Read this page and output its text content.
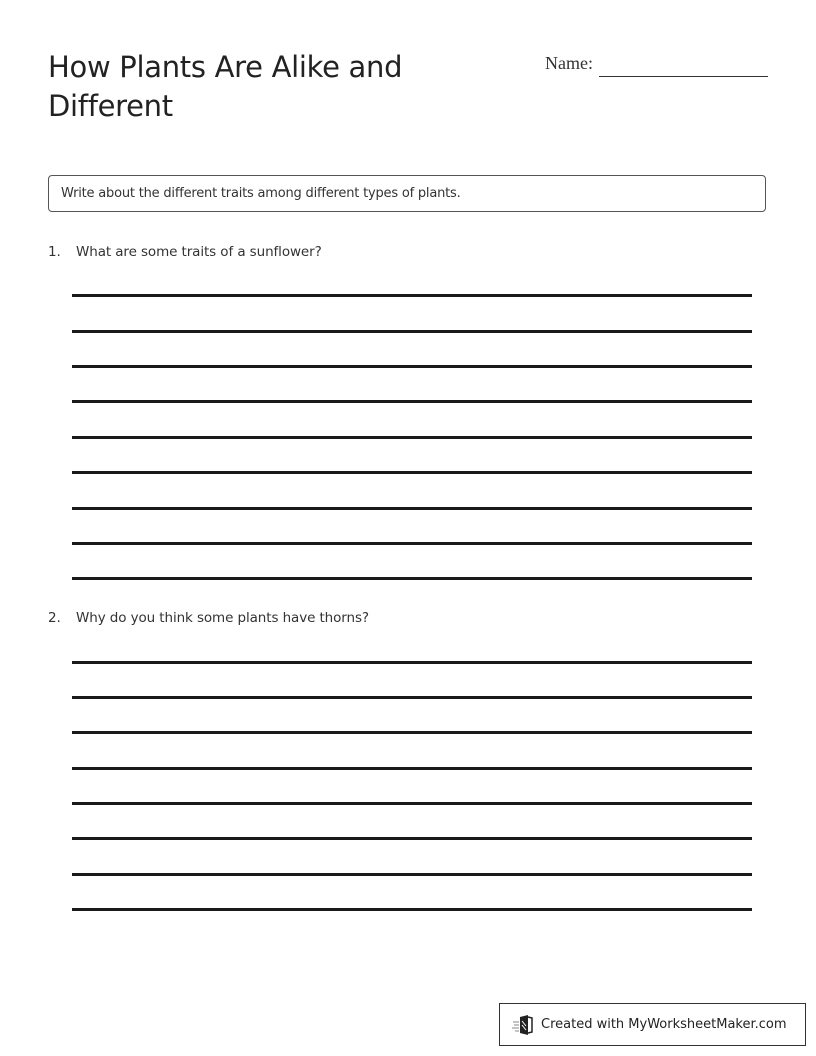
How Plants Are Alike and Different
Name:
Write about the different traits among different types of plants.
1. What are some traits of a sunflower?
2. Why do you think some plants have thorns?
Created with MyWorksheetMaker.com
